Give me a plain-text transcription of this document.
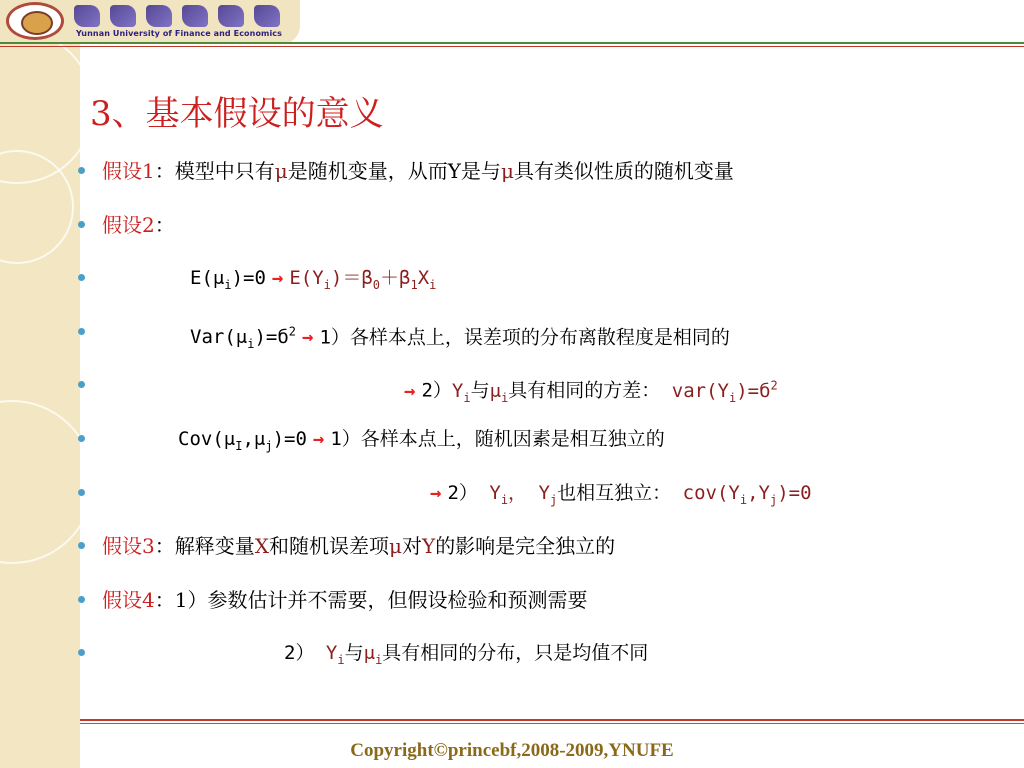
Yunnan University of Finance and Economics
3、基本假设的意义
假设1：模型中只有μ是随机变量，从而Y是与μ具有类似性质的随机变量
假设2：
$E(\mu_i)=0 \to E(Y_i)=\beta_0+\beta_1X_i$
$Var(\mu_i)=б^2 \to 1$）各样本点上，误差项的分布离散程度是相同的
→ $2)Y_i$与$\mu_i$具有相同的方差： $var(Y_i)=б^2$
$Cov(\mu_I,\mu_j)=0 \to 1$）各样本点上，随机因素是相互独立的
→ 2） $Y_i$， $Y_j$也相互独立： $cov(Y_i,Y_j)=0$
假设3：解释变量X和随机误差项μ对Y的影响是完全独立的
假设4：1）参数估计并不需要，但假设检验和预测需要
2） $Y_i$与$\mu_i$具有相同的分布，只是均值不同
Copyright©princebf,2008-2009,YNUFE
